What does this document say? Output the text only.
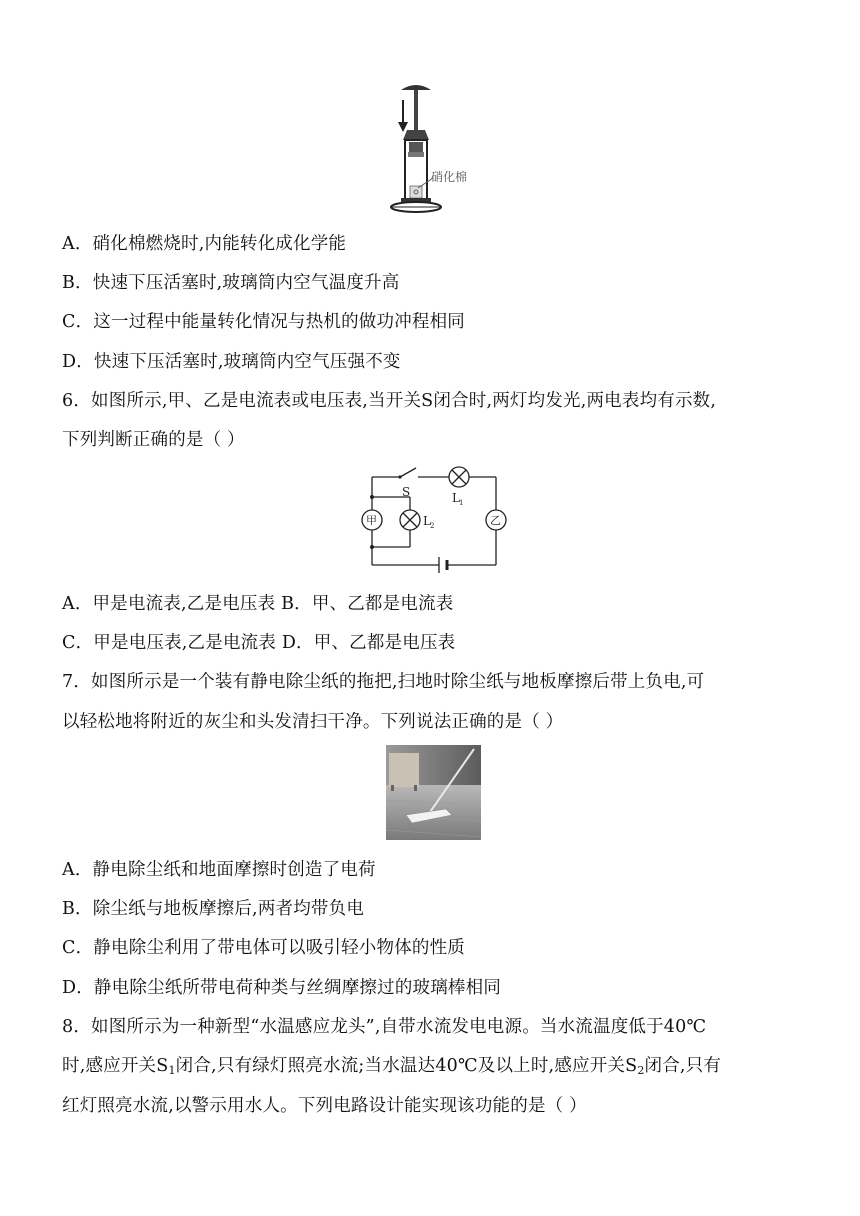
硝化棉
A．硝化棉燃烧时,内能转化成化学能
B．快速下压活塞时,玻璃筒内空气温度升高
C．这一过程中能量转化情况与热机的做功冲程相同
D．快速下压活塞时,玻璃筒内空气压强不变
6．如图所示,甲、乙是电流表或电压表,当开关S闭合时,两灯均发光,两电表均有示数,
下列判断正确的是（ ）
S	L 1
L 2
甲	乙
A．甲是电流表,乙是电压表 B．甲、乙都是电流表
C．甲是电压表,乙是电流表 D．甲、乙都是电压表
7．如图所示是一个装有静电除尘纸的拖把,扫地时除尘纸与地板摩擦后带上负电,可
以轻松地将附近的灰尘和头发清扫干净。下列说法正确的是（ ）
A．静电除尘纸和地面摩擦时创造了电荷
B．除尘纸与地板摩擦后,两者均带负电
C．静电除尘利用了带电体可以吸引轻小物体的性质
D．静电除尘纸所带电荷种类与丝绸摩擦过的玻璃棒相同
8．如图所示为一种新型“水温感应龙头”,自带水流发电电源。当水流温度低于40℃
时,感应开关$S_1$闭合,只有绿灯照亮水流;当水温达40℃及以上时,感应开关$S_2$闭合,只有
红灯照亮水流,以警示用水人。下列电路设计能实现该功能的是（ ）
